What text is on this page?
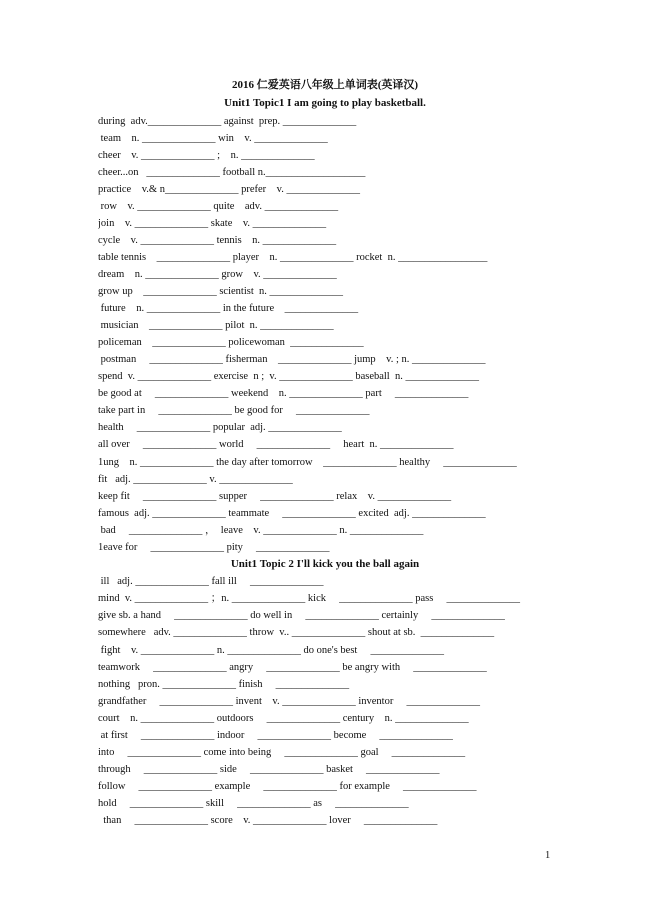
2016 仁爱英语八年级上单词表(英译汉)
Unit1 Topic1 I am going to play basketball.
during  adv.______________ against  prep. ______________
team    n. ______________ win    v. ______________
cheer    v. ______________ ;    n. ______________
cheer...on   ______________ football n.___________________
practice    v.& n______________ prefer    v. ______________
row    v. ______________ quite    adv. ______________
join    v. ______________ skate    v. ______________
cycle    v. ______________ tennis    n. ______________
table tennis    ______________ player    n. ______________ rocket  n. _________________
dream    n. ______________ grow    v. ______________
grow up    ______________ scientist  n. ______________
future    n. ______________ in the future    ______________
musician    ______________ pilot  n. ______________
policeman    ______________ policewoman  ______________
postman     ______________ fisherman    ______________ jump    v. ; n. ______________
spend  v. ______________ exercise  n ;  v. ______________ baseball  n. ______________
be good at     ______________ weekend    n. ______________ part     ______________
take part in     ______________ be good for     ______________
health     ______________ popular  adj. ______________
all over     ______________ world     ______________     heart  n. ______________
1ung    n. ______________ the day after tomorrow    ______________ healthy     ______________
fit   adj. ______________ v. ______________
keep fit     ______________ supper     ______________ relax    v. ______________
famous  adj. ______________ teammate     ______________ excited  adj. ______________
bad     ______________ ，  leave    v. ______________ n. ______________
1eave for     ______________ pity     ______________
Unit1 Topic 2 I'll kick you the ball again
ill   adj. ______________ fall ill     ______________
mind  v. ______________ ；n. ______________ kick     ______________ pass     ______________
give sb. a hand     ______________ do well in     ______________ certainly     ______________
somewhere   adv. ______________ throw  v.. ______________ shout at sb.  ______________
fight    v. ______________ n. ______________ do one's best     ______________
teamwork     ______________ angry     ______________ be angry with     ______________
nothing   pron. ______________ finish     ______________
grandfather     ______________ invent    v. ______________ inventor     ______________
court    n. ______________ outdoors     ______________ century    n. ______________
at first     ______________ indoor     ______________ become     ______________
into     ______________ come into being     ______________ goal     ______________
through     ______________ side     ______________ basket     ______________
follow     ______________ example     ______________ for example     ______________
hold     ______________ skill     ______________ as     ______________
than     ______________ score    v. ______________ lover     ______________
1
